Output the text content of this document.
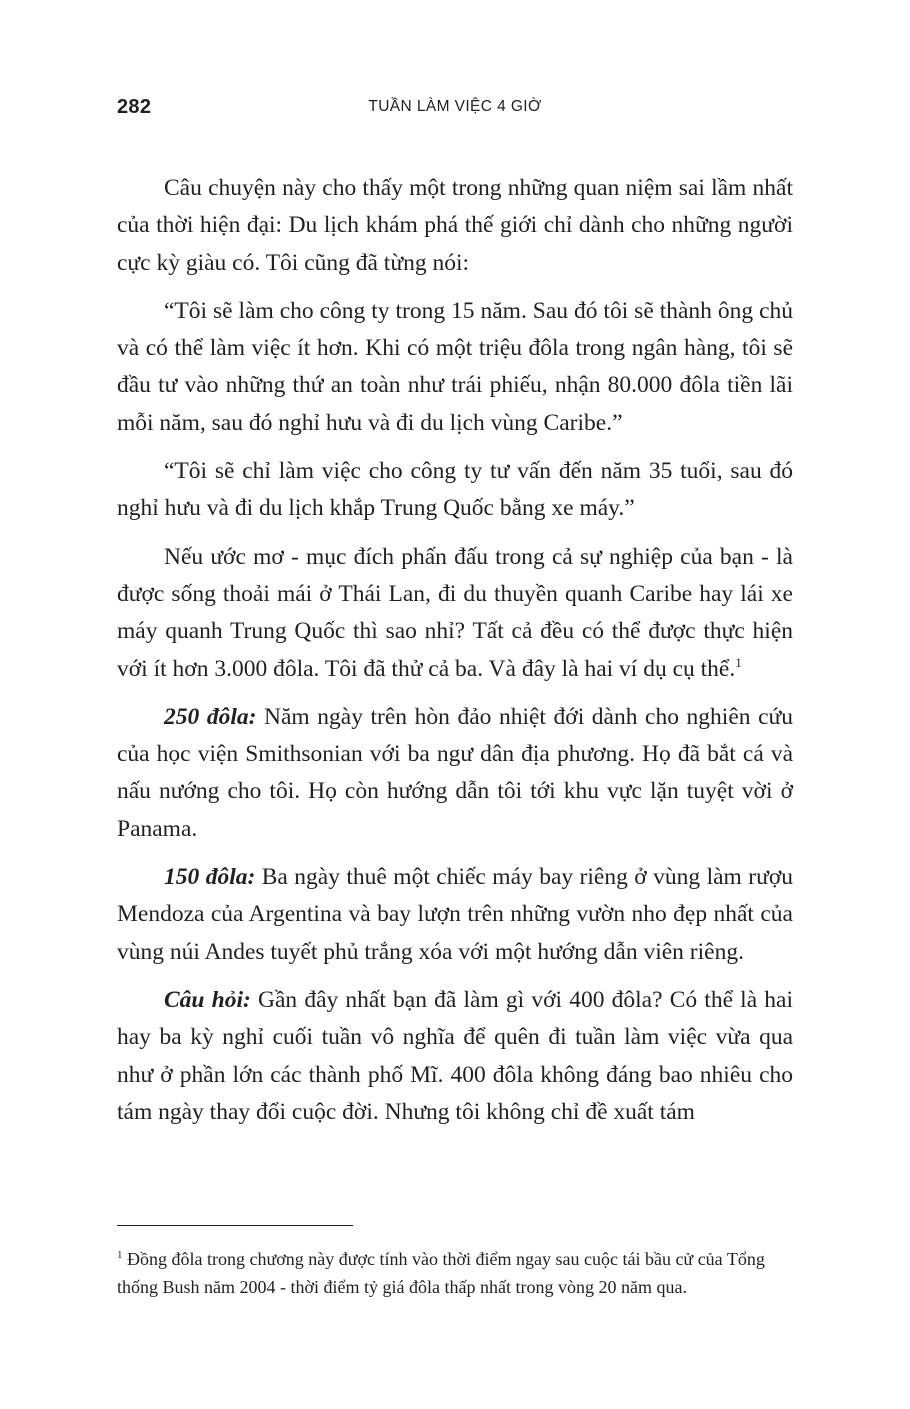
282	TUẦN LÀM VIỆC 4 GIỜ

Câu chuyện này cho thấy một trong những quan niệm sai lầm nhất của thời hiện đại: Du lịch khám phá thế giới chỉ dành cho những người cực kỳ giàu có. Tôi cũng đã từng nói:

“Tôi sẽ làm cho công ty trong 15 năm. Sau đó tôi sẽ thành ông chủ và có thể làm việc ít hơn. Khi có một triệu đôla trong ngân hàng, tôi sẽ đầu tư vào những thứ an toàn như trái phiếu, nhận 80.000 đôla tiền lãi mỗi năm, sau đó nghỉ hưu và đi du lịch vùng Caribe.”

“Tôi sẽ chỉ làm việc cho công ty tư vấn đến năm 35 tuổi, sau đó nghỉ hưu và đi du lịch khắp Trung Quốc bằng xe máy.”

Nếu ước mơ - mục đích phấn đấu trong cả sự nghiệp của bạn - là được sống thoải mái ở Thái Lan, đi du thuyền quanh Caribe hay lái xe máy quanh Trung Quốc thì sao nhỉ? Tất cả đều có thể được thực hiện với ít hơn 3.000 đôla. Tôi đã thử cả ba. Và đây là hai ví dụ cụ thể.$^1$

250 đôla: Năm ngày trên hòn đảo nhiệt đới dành cho nghiên cứu của học viện Smithsonian với ba ngư dân địa phương. Họ đã bắt cá và nấu nướng cho tôi. Họ còn hướng dẫn tôi tới khu vực lặn tuyệt vời ở Panama.

150 đôla: Ba ngày thuê một chiếc máy bay riêng ở vùng làm rượu Mendoza của Argentina và bay lượn trên những vườn nho đẹp nhất của vùng núi Andes tuyết phủ trắng xóa với một hướng dẫn viên riêng.

Câu hỏi: Gần đây nhất bạn đã làm gì với 400 đôla? Có thể là hai hay ba kỳ nghỉ cuối tuần vô nghĩa để quên đi tuần làm việc vừa qua như ở phần lớn các thành phố Mĩ. 400 đôla không đáng bao nhiêu cho tám ngày thay đổi cuộc đời. Nhưng tôi không chỉ đề xuất tám

$^1$ Đồng đôla trong chương này được tính vào thời điểm ngay sau cuộc tái bầu cử của Tổng thống Bush năm 2004 - thời điểm tỷ giá đôla thấp nhất trong vòng 20 năm qua.
